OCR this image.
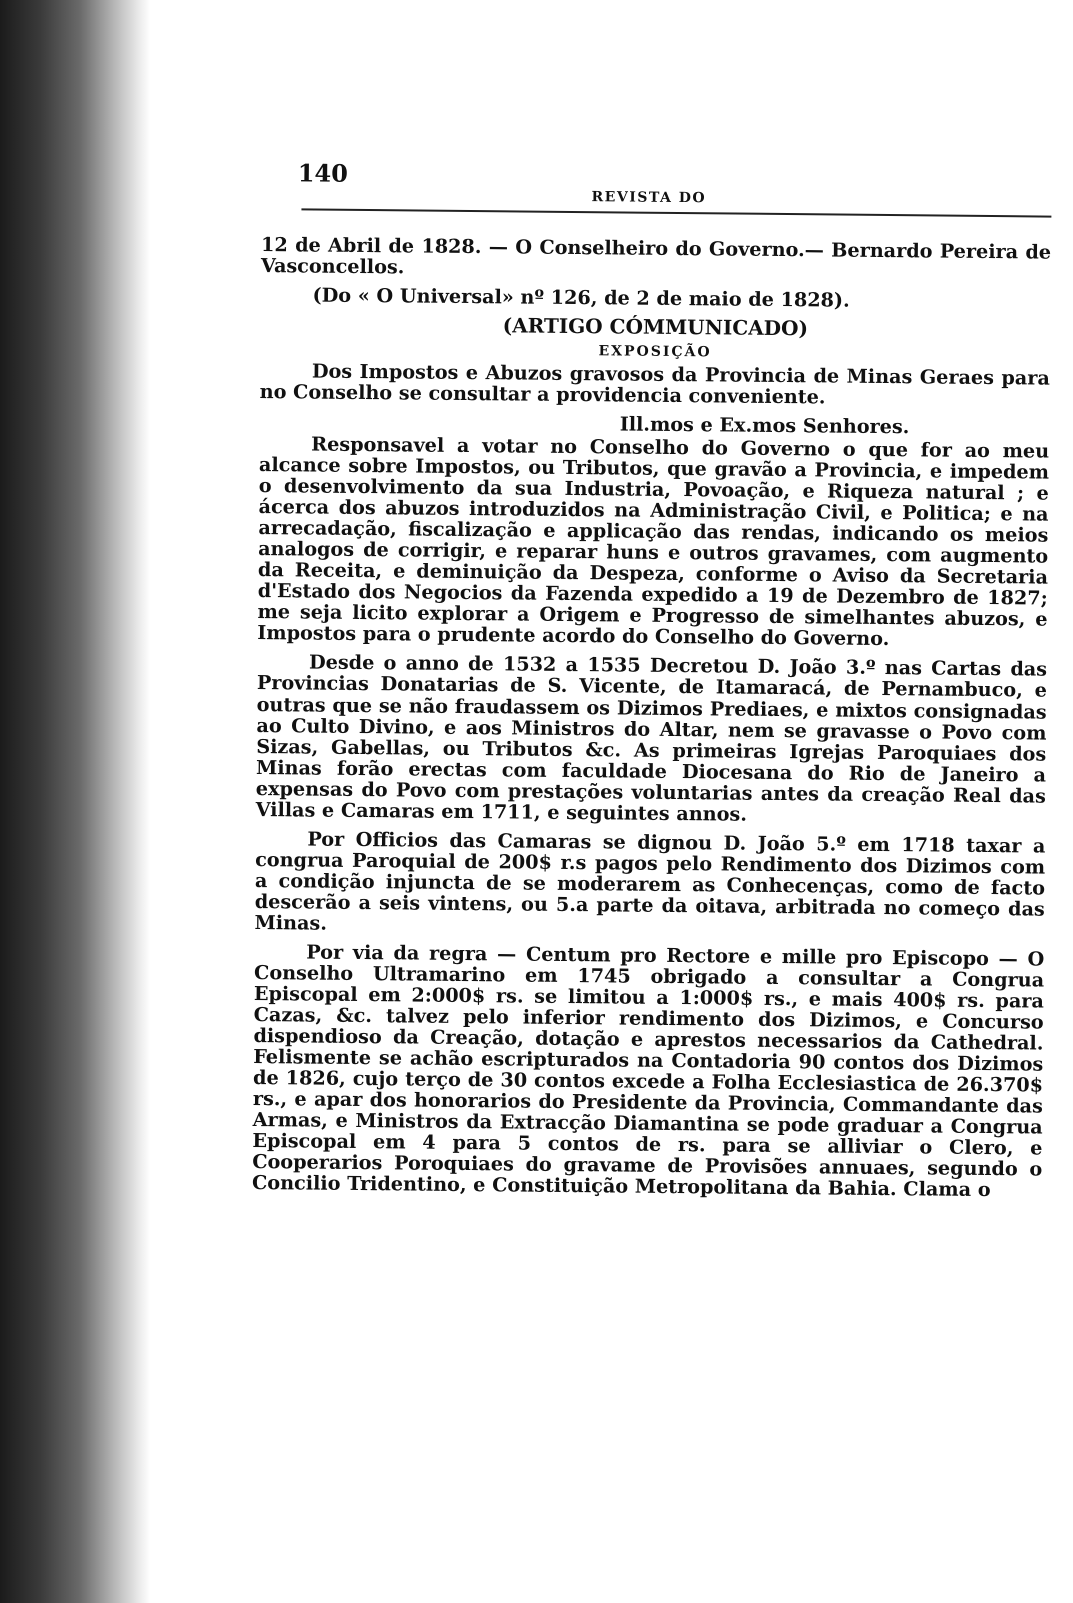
140
REVISTA DO

12 de Abril de 1828. — O Conselheiro do Governo.— Bernardo Pereira de Vasconcellos.

(Do « O Universal» nº 126, de 2 de maio de 1828).

(ARTIGO CÓMMUNICADO)

EXPOSIÇÃO

Dos Impostos e Abuzos gravosos da Provincia de Minas Geraes para no Conselho se consultar a providencia conveniente.

Ill.mos e Ex.mos Senhores.

Responsavel a votar no Conselho do Governo o que for ao meu alcance sobre Impostos, ou Tributos, que gravão a Provincia, e impedem o desenvolvimento da sua Industria, Povoação, e Riqueza natural ; e ácerca dos abuzos introduzidos na Administração Civil, e Politica; e na arrecadação, fiscalização e applicação das rendas, indicando os meios analogos de corrigir, e reparar huns e outros gravames, com augmento da Receita, e deminuição da Despeza, conforme o Aviso da Secretaria d'Estado dos Negocios da Fazenda expedido a 19 de Dezembro de 1827; me seja licito explorar a Origem e Progresso de simelhantes abuzos, e Impostos para o prudente acordo do Conselho do Governo.

Desde o anno de 1532 a 1535 Decretou D. João 3.º nas Cartas das Provincias Donatarias de S. Vicente, de Itamaracá, de Pernambuco, e outras que se não fraudassem os Dizimos Prediaes, e mixtos consignadas ao Culto Divino, e aos Ministros do Altar, nem se gravasse o Povo com Sizas, Gabellas, ou Tributos &c. As primeiras Igrejas Paroquiaes dos Minas forão erectas com faculdade Diocesana do Rio de Janeiro a expensas do Povo com prestações voluntarias antes da creação Real das Villas e Camaras em 1711, e seguintes annos.

Por Officios das Camaras se dignou D. João 5.º em 1718 taxar a congrua Paroquial de 200$ r.s pagos pelo Rendimento dos Dizimos com a condição injuncta de se moderarem as Conhecenças, como de facto descerão a seis vintens, ou 5.a parte da oitava, arbitrada no começo das Minas.

Por via da regra — Centum pro Rectore e mille pro Episcopo — O Conselho Ultramarino em 1745 obrigado a consultar a Congrua Episcopal em 2:000$ rs. se limitou a 1:000$ rs., e mais 400$ rs. para Cazas, &c. talvez pelo inferior rendimento dos Dizimos, e Concurso dispendioso da Creação, dotação e aprestos necessarios da Cathedral. Felismente se achão escripturados na Contadoria 90 contos dos Dizimos de 1826, cujo terço de 30 contos excede a Folha Ecclesiastica de 26.370$ rs., e apar dos honorarios do Presidente da Provincia, Commandante das Armas, e Ministros da Extracção Diamantina se pode graduar a Congrua Episcopal em 4 para 5 contos de rs. para se alliviar o Clero, e Cooperarios Poroquiaes do gravame de Provisões annuaes, segundo o Concilio Tridentino, e Constituição Metropolitana da Bahia. Clama o
